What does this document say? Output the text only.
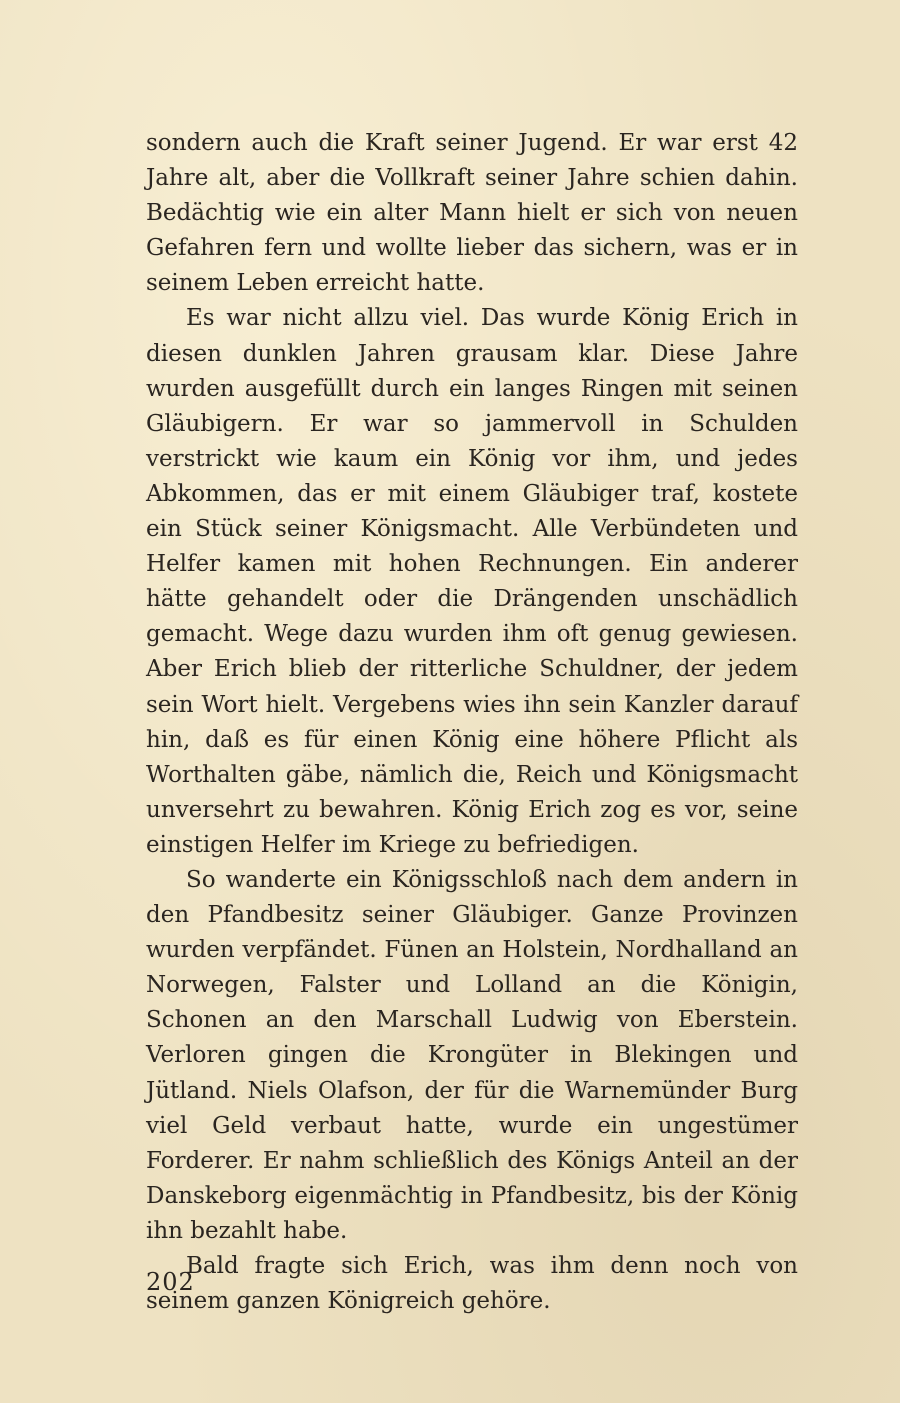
sondern auch die Kraft seiner Jugend. Er war erst 42 Jahre alt, aber die Vollkraft seiner Jahre schien dahin. Bedächtig wie ein alter Mann hielt er sich von neuen Gefahren fern und wollte lieber das sichern, was er in seinem Leben erreicht hatte.

Es war nicht allzu viel. Das wurde König Erich in diesen dunklen Jahren grausam klar. Diese Jahre wurden ausgefüllt durch ein langes Ringen mit seinen Gläubigern. Er war so jammervoll in Schulden verstrickt wie kaum ein König vor ihm, und jedes Abkommen, das er mit einem Gläubiger traf, kostete ein Stück seiner Königsmacht. Alle Verbündeten und Helfer kamen mit hohen Rechnungen. Ein anderer hätte gehandelt oder die Drängenden unschädlich gemacht. Wege dazu wurden ihm oft genug gewiesen. Aber Erich blieb der ritterliche Schuldner, der jedem sein Wort hielt. Vergebens wies ihn sein Kanzler darauf hin, daß es für einen König eine höhere Pflicht als Worthalten gäbe, nämlich die, Reich und Königsmacht unversehrt zu bewahren. König Erich zog es vor, seine einstigen Helfer im Kriege zu befriedigen.

So wanderte ein Königsschloß nach dem andern in den Pfandbesitz seiner Gläubiger. Ganze Provinzen wurden verpfändet. Fünen an Holstein, Nordhalland an Norwegen, Falster und Lolland an die Königin, Schonen an den Marschall Ludwig von Eberstein. Verloren gingen die Krongüter in Blekingen und Jütland. Niels Olafson, der für die Warnemünder Burg viel Geld verbaut hatte, wurde ein ungestümer Forderer. Er nahm schließlich des Königs Anteil an der Danskeborg eigenmächtig in Pfandbesitz, bis der König ihn bezahlt habe.

Bald fragte sich Erich, was ihm denn noch von seinem ganzen Königreich gehöre.

202
